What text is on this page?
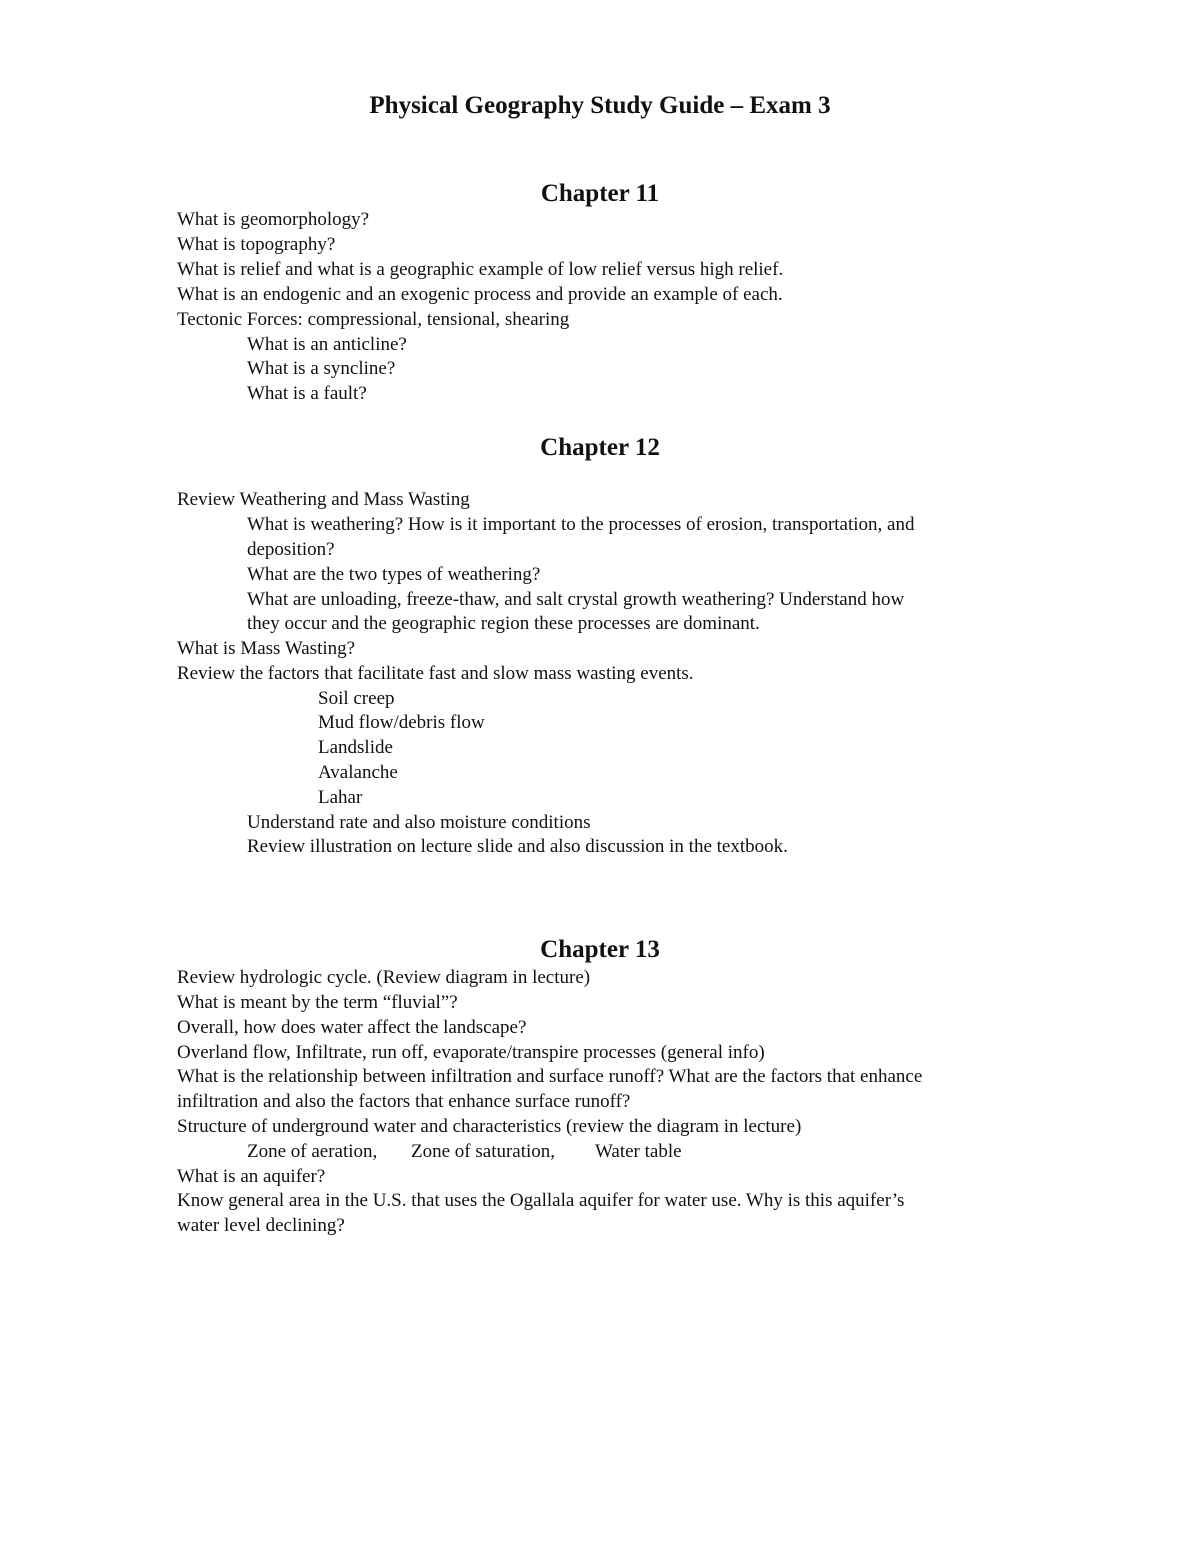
Physical Geography Study Guide – Exam 3
Chapter 11
What is geomorphology?
What is topography?
What is relief and what is a geographic example of low relief versus high relief.
What is an endogenic and an exogenic process and provide an example of each.
Tectonic Forces: compressional, tensional, shearing
What is an anticline?
What is a syncline?
What is a fault?
Chapter 12
Review Weathering and Mass Wasting
What is weathering? How is it important to the processes of erosion, transportation, and
deposition?
What are the two types of weathering?
What are unloading, freeze-thaw, and salt crystal growth weathering? Understand how
they occur and the geographic region these processes are dominant.
What is Mass Wasting?
Review the factors that facilitate fast and slow mass wasting events.
Soil creep
Mud flow/debris flow
Landslide
Avalanche
Lahar
Understand rate and also moisture conditions
Review illustration on lecture slide and also discussion in the textbook.
Chapter 13
Review hydrologic cycle. (Review diagram in lecture)
What is meant by the term “fluvial”?
Overall, how does water affect the landscape?
Overland flow, Infiltrate, run off, evaporate/transpire processes (general info)
What is the relationship between infiltration and surface runoff? What are the factors that enhance
infiltration and also the factors that enhance surface runoff?
Structure of underground water and characteristics (review the diagram in lecture)
Zone of aeration, Zone of saturation, Water table
What is an aquifer?
Know general area in the U.S. that uses the Ogallala aquifer for water use. Why is this aquifer’s
water level declining?
